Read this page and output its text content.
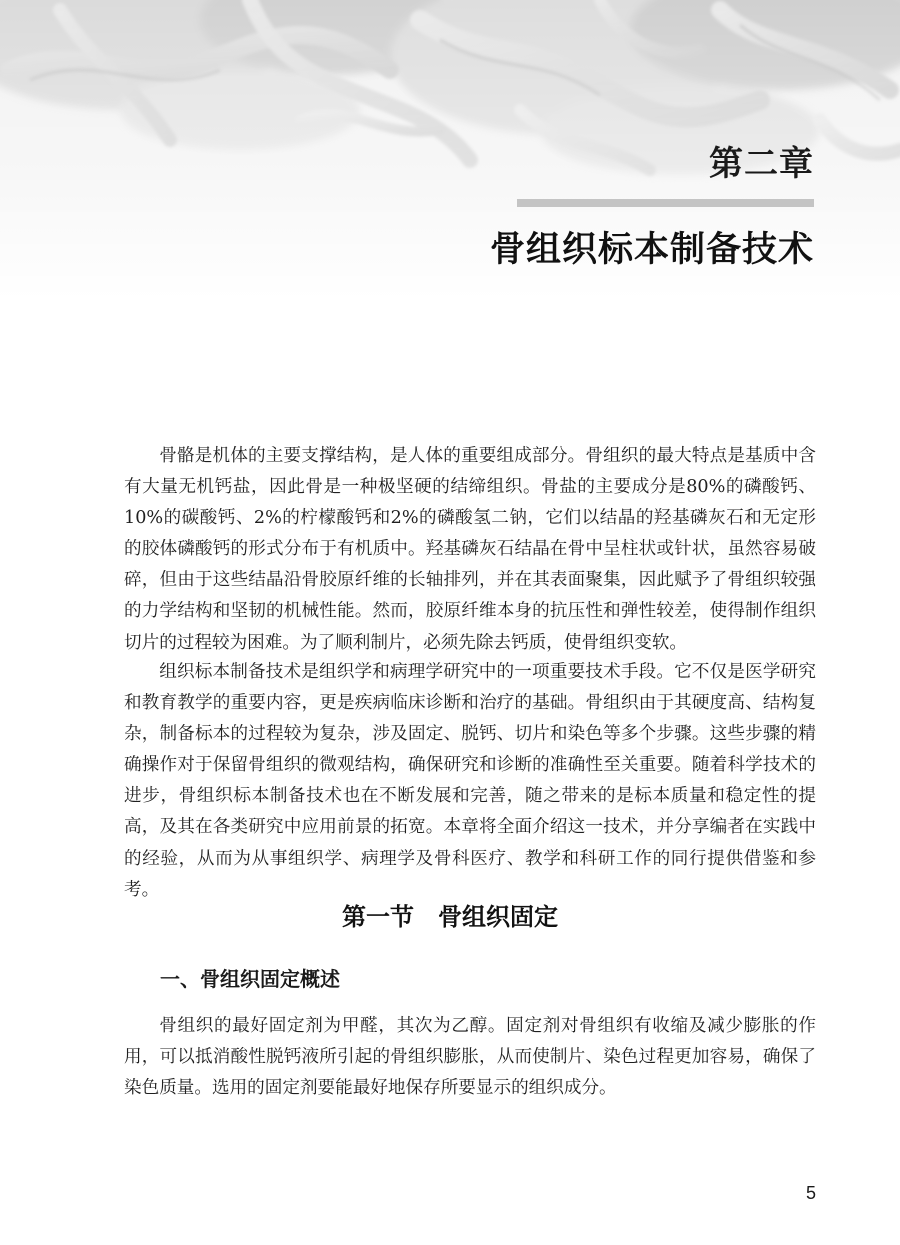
第二章
骨组织标本制备技术

骨骼是机体的主要支撑结构，是人体的重要组成部分。骨组织的最大特点是基质中含有大量无机钙盐，因此骨是一种极坚硬的结缔组织。骨盐的主要成分是80%的磷酸钙、10%的碳酸钙、2%的柠檬酸钙和2%的磷酸氢二钠，它们以结晶的羟基磷灰石和无定形的胶体磷酸钙的形式分布于有机质中。羟基磷灰石结晶在骨中呈柱状或针状，虽然容易破碎，但由于这些结晶沿骨胶原纤维的长轴排列，并在其表面聚集，因此赋予了骨组织较强的力学结构和坚韧的机械性能。然而，胶原纤维本身的抗压性和弹性较差，使得制作组织切片的过程较为困难。为了顺利制片，必须先除去钙质，使骨组织变软。

组织标本制备技术是组织学和病理学研究中的一项重要技术手段。它不仅是医学研究和教育教学的重要内容，更是疾病临床诊断和治疗的基础。骨组织由于其硬度高、结构复杂，制备标本的过程较为复杂，涉及固定、脱钙、切片和染色等多个步骤。这些步骤的精确操作对于保留骨组织的微观结构，确保研究和诊断的准确性至关重要。随着科学技术的进步，骨组织标本制备技术也在不断发展和完善，随之带来的是标本质量和稳定性的提高，及其在各类研究中应用前景的拓宽。本章将全面介绍这一技术，并分享编者在实践中的经验，从而为从事组织学、病理学及骨科医疗、教学和科研工作的同行提供借鉴和参考。

第一节　骨组织固定
一、骨组织固定概述

骨组织的最好固定剂为甲醛，其次为乙醇。固定剂对骨组织有收缩及减少膨胀的作用，可以抵消酸性脱钙液所引起的骨组织膨胀，从而使制片、染色过程更加容易，确保了染色质量。选用的固定剂要能最好地保存所要显示的组织成分。

5
